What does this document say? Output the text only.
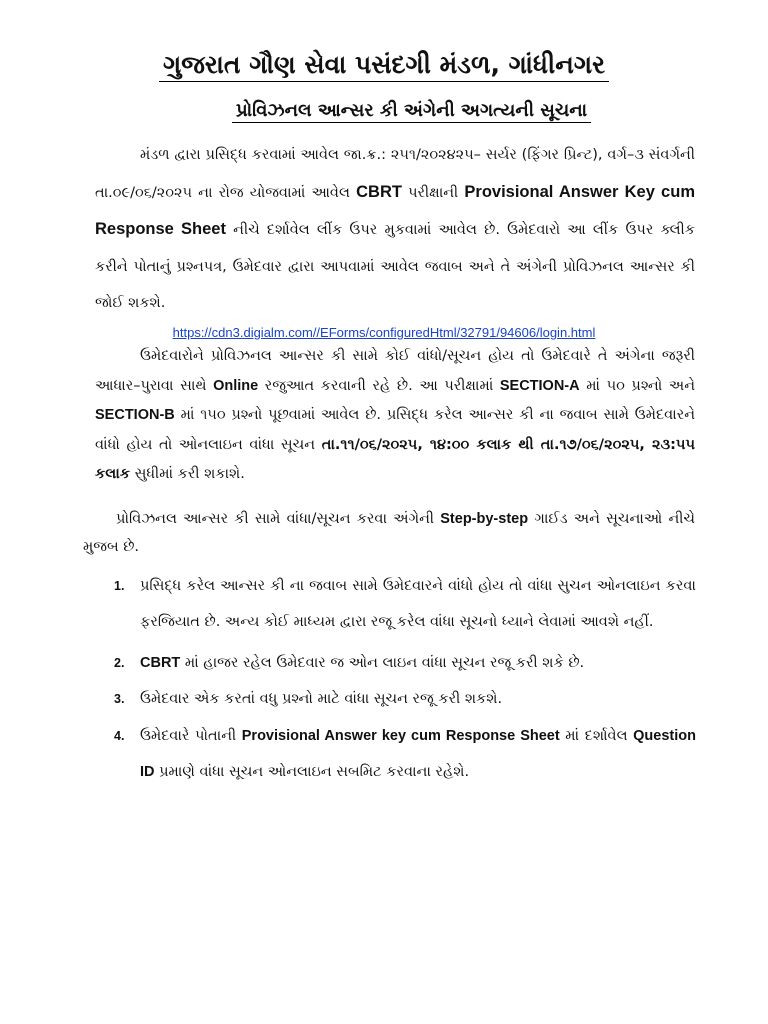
ગુજરાત ગૌણ સેવા પસંદગી મંડળ, ગાંધીનગર
પ્રોવિઝનલ આન્સર કી અંગેની અગત્યની સૂચના
મંડળ દ્વારા પ્રસિદ્ધ કરવામાં આવેલ જા.ક્ર.: ૨૫૧/૨૦૨૪૨૫– સર્યર (ફિંગર પ્રિન્ટ), વર્ગ–૩ સંવર્ગની તા.૦૯/૦૬/૨૦૨૫ ના રોજ યોજવામાં આવેલ CBRT પરીક્ષાની Provisional Answer Key cum Response Sheet નીચે દર્શાવેલ લીંક ઉપર મુકવામાં આવેલ છે. ઉમેદવારો આ લીંક ઉપર ક્લીક કરીને પોતાનું પ્રશ્નપત્ર, ઉમેદવાર દ્વારા આપવામાં આવેલ જવાબ અને તે અંગેની પ્રોવિઝનલ આન્સર કી જોઈ શકશે.
https://cdn3.digialm.com//EForms/configuredHtml/32791/94606/login.html
ઉમેદવારોને પ્રોવિઝનલ આન્સર કી સામે કોઈ વાંધો/સૂચન હોય તો ઉમેદવારે તે અંગેના જરૂરી આધાર–પુરાવા સાથે Online રજુઆત કરવાની રહે છે. આ પરીક્ષામાં SECTION-A માં ૫૦ પ્રશ્નો અને SECTION-B માં ૧૫૦ પ્રશ્નો પૂછવામાં આવેલ છે. પ્રસિદ્ધ કરેલ આન્સર કી ના જવાબ સામે ઉમેદવારને વાંધો હોય તો ઓનલાઇન વાંધા સૂચન તા.૧૧/૦૬/૨૦૨૫, ૧૪:૦૦ કલાક થી તા.૧૭/૦૬/૨૦૨૫, ૨૩:૫૫ કલાક સુધીમાં કરી શકાશે.
પ્રોવિઝનલ આન્સર કી સામે વાંધા/સૂચન કરવા અંગેની Step-by-step ગાઈડ અને સૂચનાઓ નીચે મુજબ છે.
1. પ્રસિદ્ધ કરેલ આન્સર કી ના જવાબ સામે ઉમેદવારને વાંધો હોય તો વાંધા સુચન ઓનલાઇન કરવા ફરજિયાત છે. અન્ય કોઈ માધ્યમ દ્વારા રજૂ કરેલ વાંધા સૂચનો ધ્યાને લેવામાં આવશે નહીં.
2. CBRT માં હાજર રહેલ ઉમેદવાર જ ઓન લાઇન વાંધા સૂચન રજૂ કરી શકે છે.
3. ઉમેદવાર એક કરતાં વધુ પ્રશ્નો માટે વાંધા સૂચન રજૂ કરી શકશે.
4. ઉમેદવારે પોતાની Provisional Answer key cum Response Sheet માં દર્શાવેલ Question ID પ્રમાણે વાંધા સૂચન ઓનલાઇન સબમિટ કરવાના રહેશે.
